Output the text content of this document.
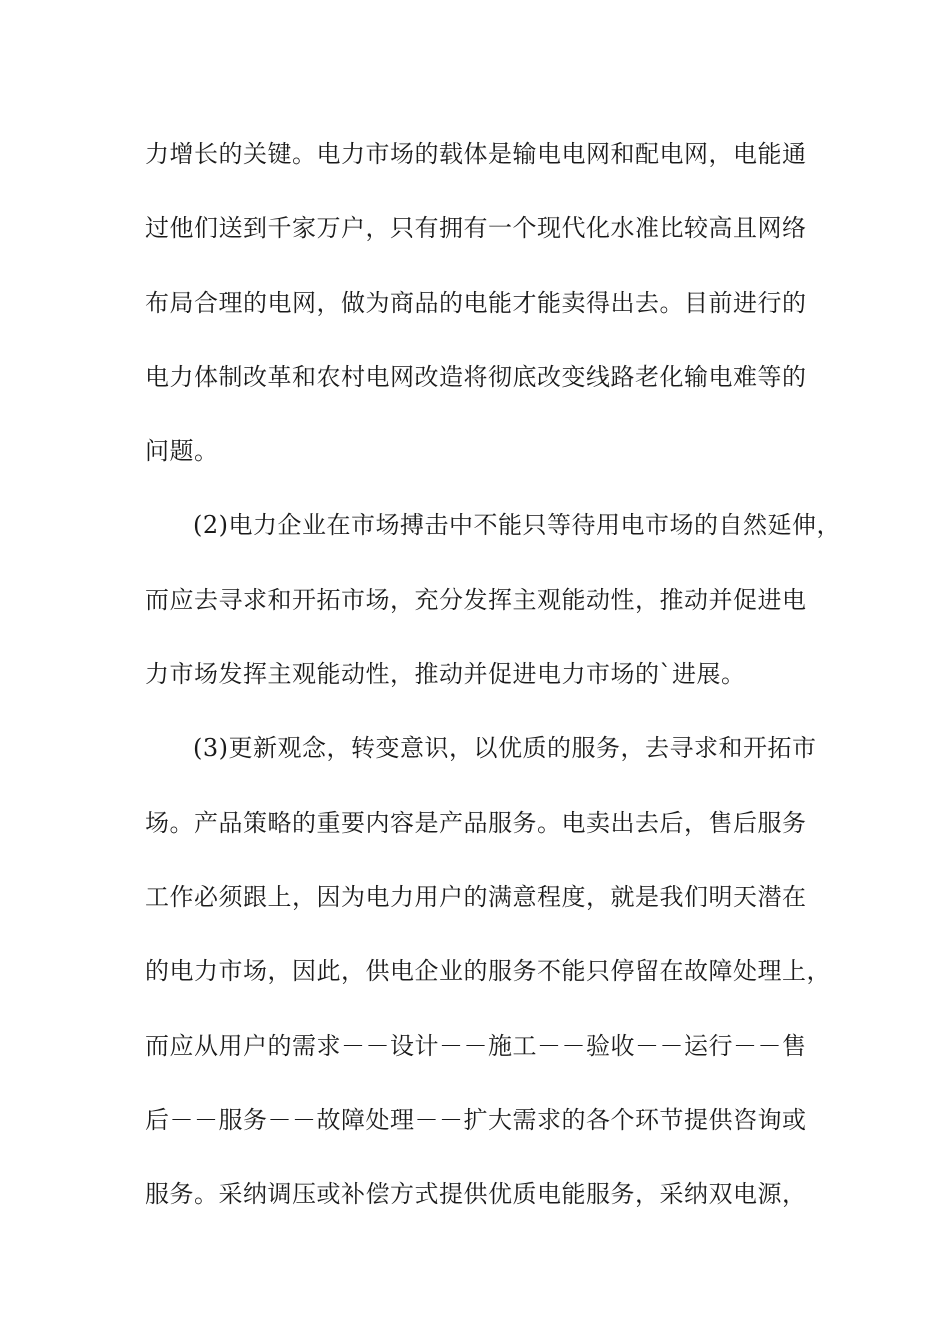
力增长的关键。电力市场的载体是输电电网和配电网，电能通
过他们送到千家万户，只有拥有一个现代化水准比较高且网络
布局合理的电网，做为商品的电能才能卖得出去。目前进行的
电力体制改革和农村电网改造将彻底改变线路老化输电难等的
问题。
(2)电力企业在市场搏击中不能只等待用电市场的自然延伸，
而应去寻求和开拓市场，充分发挥主观能动性，推动并促进电
力市场发挥主观能动性，推动并促进电力市场的`进展。
(3)更新观念，转变意识，以优质的服务，去寻求和开拓市
场。产品策略的重要内容是产品服务。电卖出去后，售后服务
工作必须跟上，因为电力用户的满意程度，就是我们明天潜在
的电力市场，因此，供电企业的服务不能只停留在故障处理上，
而应从用户的需求－－设计－－施工－－验收－－运行－－售
后－－服务－－故障处理－－扩大需求的各个环节提供咨询或
服务。采纳调压或补偿方式提供优质电能服务，采纳双电源，
